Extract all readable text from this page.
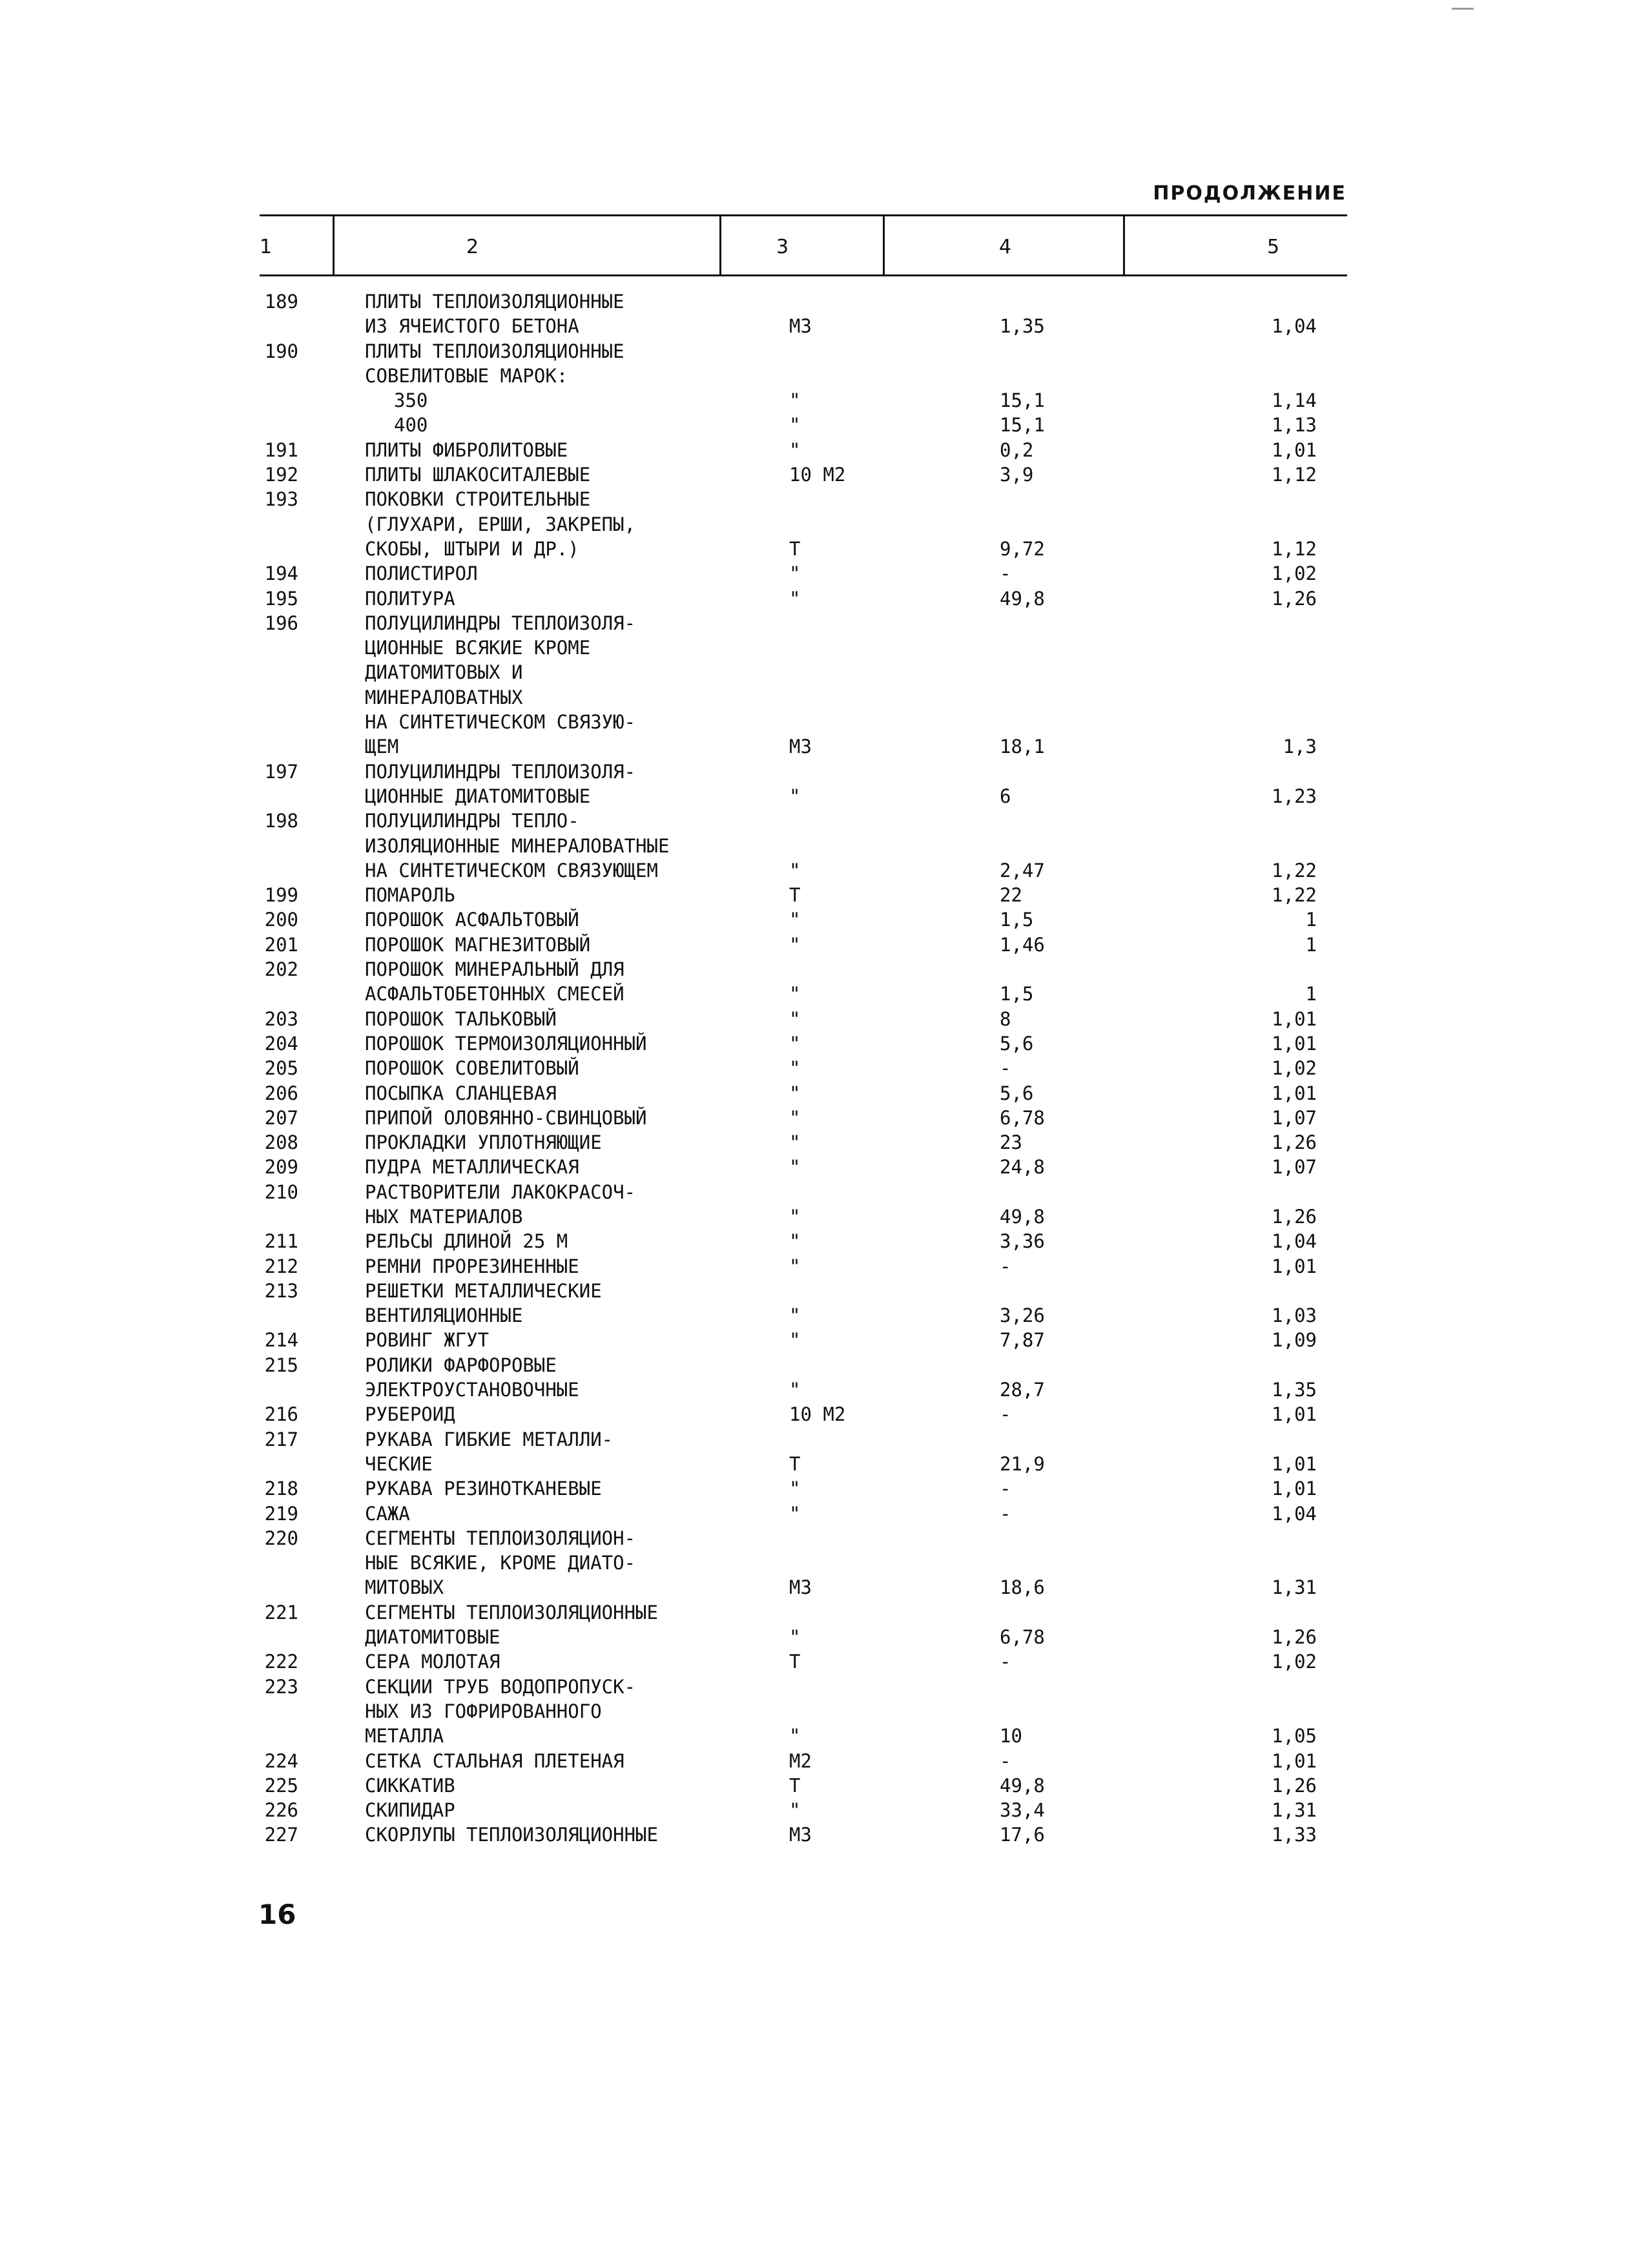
ПРОДОЛЖЕНИЕ
1	2	3	4	5
189	ПЛИТЫ ТЕПЛОИЗОЛЯЦИОННЫЕ
ИЗ ЯЧЕИСТОГО БЕТОНА	М3	1,35	1,04
190	ПЛИТЫ ТЕПЛОИЗОЛЯЦИОННЫЕ
СОВЕЛИТОВЫЕ МАРОК:
350	"	15,1	1,14
400	"	15,1	1,13
191	ПЛИТЫ ФИБРОЛИТОВЫЕ	"	0,2	1,01
192	ПЛИТЫ ШЛАКОСИТАЛЕВЫЕ	10 М2	3,9	1,12
193	ПОКОВКИ СТРОИТЕЛЬНЫЕ
(ГЛУХАРИ, ЕРШИ, ЗАКРЕПЫ,
СКОБЫ, ШТЫРИ И ДР.)	Т	9,72	1,12
194	ПОЛИСТИРОЛ	"	-	1,02
195	ПОЛИТУРА	"	49,8	1,26
196	ПОЛУЦИЛИНДРЫ ТЕПЛОИЗОЛЯ-
ЦИОННЫЕ ВСЯКИЕ КРОМЕ
ДИАТОМИТОВЫХ И
МИНЕРАЛОВАТНЫХ
НА СИНТЕТИЧЕСКОМ СВЯЗУЮ-
ЩЕМ	М3	18,1	1,3
197	ПОЛУЦИЛИНДРЫ ТЕПЛОИЗОЛЯ-
ЦИОННЫЕ ДИАТОМИТОВЫЕ	"	6	1,23
198	ПОЛУЦИЛИНДРЫ ТЕПЛО-
ИЗОЛЯЦИОННЫЕ МИНЕРАЛОВАТНЫЕ
НА СИНТЕТИЧЕСКОМ СВЯЗУЮЩЕМ	"	2,47	1,22
199	ПОМАРОЛЬ	Т	22	1,22
200	ПОРОШОК АСФАЛЬТОВЫЙ	"	1,5	1
201	ПОРОШОК МАГНЕЗИТОВЫЙ	"	1,46	1
202	ПОРОШОК МИНЕРАЛЬНЫЙ ДЛЯ
АСФАЛЬТОБЕТОННЫХ СМЕСЕЙ	"	1,5	1
203	ПОРОШОК ТАЛЬКОВЫЙ	"	8	1,01
204	ПОРОШОК ТЕРМОИЗОЛЯЦИОННЫЙ	"	5,6	1,01
205	ПОРОШОК СОВЕЛИТОВЫЙ	"	-	1,02
206	ПОСЫПКА СЛАНЦЕВАЯ	"	5,6	1,01
207	ПРИПОЙ ОЛОВЯННО-СВИНЦОВЫЙ	"	6,78	1,07
208	ПРОКЛАДКИ УПЛОТНЯЮЩИЕ	"	23	1,26
209	ПУДРА МЕТАЛЛИЧЕСКАЯ	"	24,8	1,07
210	РАСТВОРИТЕЛИ ЛАКОКРАСОЧ-
НЫХ МАТЕРИАЛОВ	"	49,8	1,26
211	РЕЛЬСЫ ДЛИНОЙ 25 М	"	3,36	1,04
212	РЕМНИ ПРОРЕЗИНЕННЫЕ	"	-	1,01
213	РЕШЕТКИ МЕТАЛЛИЧЕСКИЕ
ВЕНТИЛЯЦИОННЫЕ	"	3,26	1,03
214	РОВИНГ ЖГУТ	"	7,87	1,09
215	РОЛИКИ ФАРФОРОВЫЕ
ЭЛЕКТРОУСТАНОВОЧНЫЕ	"	28,7	1,35
216	РУБЕРОИД	10 М2	-	1,01
217	РУКАВА ГИБКИЕ МЕТАЛЛИ-
ЧЕСКИЕ	Т	21,9	1,01
218	РУКАВА РЕЗИНОТКАНЕВЫЕ	"	-	1,01
219	САЖА	"	-	1,04
220	СЕГМЕНТЫ ТЕПЛОИЗОЛЯЦИОН-
НЫЕ ВСЯКИЕ, КРОМЕ ДИАТО-
МИТОВЫХ	М3	18,6	1,31
221	СЕГМЕНТЫ ТЕПЛОИЗОЛЯЦИОННЫЕ
ДИАТОМИТОВЫЕ	"	6,78	1,26
222	СЕРА МОЛОТАЯ	Т	-	1,02
223	СЕКЦИИ ТРУБ ВОДОПРОПУСК-
НЫХ ИЗ ГОФРИРОВАННОГО
МЕТАЛЛА	"	10	1,05
224	СЕТКА СТАЛЬНАЯ ПЛЕТЕНАЯ	М2	-	1,01
225	СИККАТИВ	Т	49,8	1,26
226	СКИПИДАР	"	33,4	1,31
227	СКОРЛУПЫ ТЕПЛОИЗОЛЯЦИОННЫЕ	М3	17,6	1,33
16
